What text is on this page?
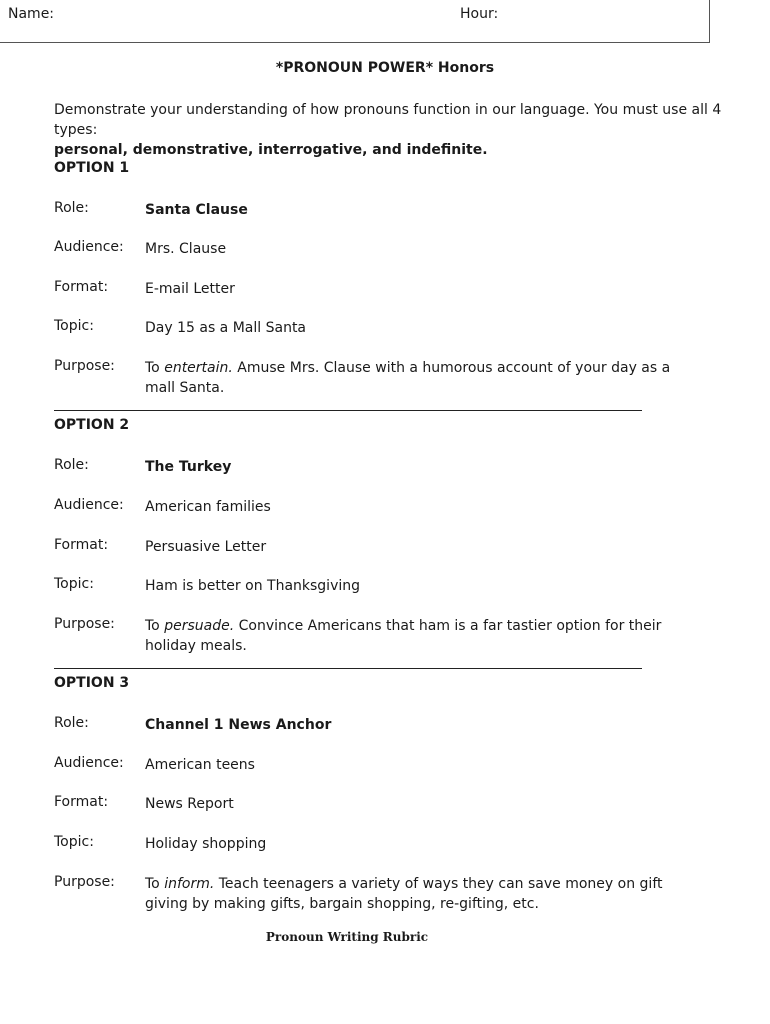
Name:	Hour:
*PRONOUN POWER* Honors
Demonstrate your understanding of how pronouns function in our language. You must use all 4 types:
personal, demonstrative, interrogative, and indefinite.
OPTION 1
Role:	Santa Clause
Audience: Mrs. Clause
Format:	E-mail Letter
Topic:	Day 15 as a Mall Santa
Purpose: To entertain. Amuse Mrs. Clause with a humorous account of your day as a mall Santa.
OPTION 2
Role:	The Turkey
Audience: American families
Format:	Persuasive Letter
Topic:	Ham is better on Thanksgiving
Purpose: To persuade. Convince Americans that ham is a far tastier option for their holiday meals.
OPTION 3
Role:	Channel 1 News Anchor
Audience: American teens
Format:	News Report
Topic:	Holiday shopping
Purpose: To inform. Teach teenagers a variety of ways they can save money on gift giving by making gifts, bargain shopping, re-gifting, etc.
Pronoun Writing Rubric
